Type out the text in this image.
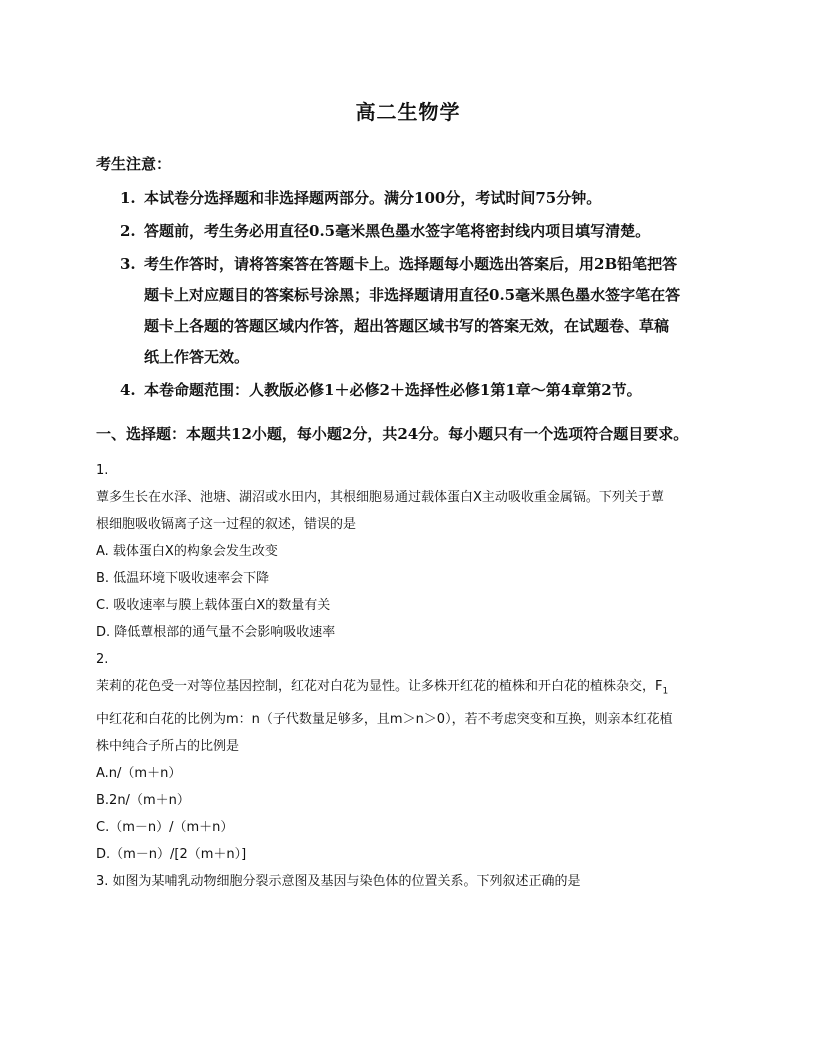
高二生物学
考生注意：
1. 本试卷分选择题和非选择题两部分。满分100分，考试时间75分钟。
2. 答题前，考生务必用直径0.5毫米黑色墨水签字笔将密封线内项目填写清楚。
3. 考生作答时，请将答案答在答题卡上。选择题每小题选出答案后，用2B铅笔把答
题卡上对应题目的答案标号涂黑；非选择题请用直径0.5毫米黑色墨水签字笔在答
题卡上各题的答题区域内作答，超出答题区域书写的答案无效，在试题卷、草稿
纸上作答无效。
4. 本卷命题范围：人教版必修1＋必修2＋选择性必修1第1章～第4章第2节。
一、选择题：本题共12小题，每小题2分，共24分。每小题只有一个选项符合题目要求。
1.
蕈多生长在水泽、池塘、湖沼或水田内，其根细胞易通过载体蛋白X主动吸收重金属镉。下列关于蕈
根细胞吸收镉离子这一过程的叙述，错误的是
A. 载体蛋白X的构象会发生改变
B. 低温环境下吸收速率会下降
C. 吸收速率与膜上载体蛋白X的数量有关
D. 降低蕈根部的通气量不会影响吸收速率
2.
茉莉的花色受一对等位基因控制，红花对白花为显性。让多株开红花的植株和开白花的植株杂交，$F_1$
中红花和白花的比例为m：n（子代数量足够多，且m＞n＞0），若不考虑突变和互换，则亲本红花植
株中纯合子所占的比例是
A.n/（m＋n）
B.2n/（m＋n）
C.（m－n）/（m＋n）
D.（m－n）/[2（m＋n）]
3. 如图为某哺乳动物细胞分裂示意图及基因与染色体的位置关系。下列叙述正确的是
